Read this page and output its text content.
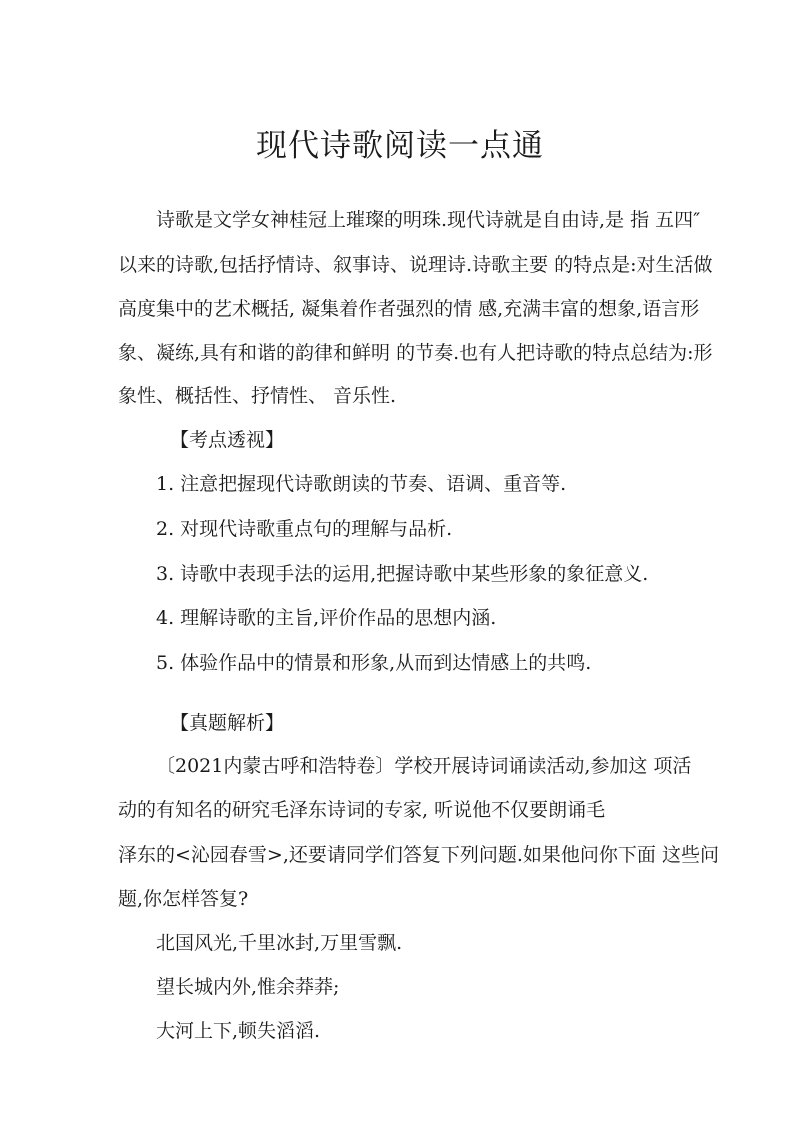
现代诗歌阅读一点通

诗歌是文学女神桂冠上璀璨的明珠.现代诗就是自由诗,是 指 五四″

以来的诗歌,包括抒情诗、叙事诗、说理诗.诗歌主要 的特点是:对生活做

高度集中的艺术概括, 凝集着作者强烈的情 感,充满丰富的想象,语言形

象、凝练,具有和谐的韵律和鲜明 的节奏.也有人把诗歌的特点总结为:形

象性、概括性、抒情性、 音乐性.

【考点透视】

1. 注意把握现代诗歌朗读的节奏、语调、重音等.

2. 对现代诗歌重点句的理解与品析.

3. 诗歌中表现手法的运用,把握诗歌中某些形象的象征意义.

4. 理解诗歌的主旨,评价作品的思想内涵.

5. 体验作品中的情景和形象,从而到达情感上的共鸣.

【真题解析】

〔2021内蒙古呼和浩特卷〕学校开展诗词诵读活动,参加这 项活

动的有知名的研究毛泽东诗词的专家, 听说他不仅要朗诵毛

泽东的<沁园春雪>,还要请同学们答复下列问题.如果他问你下面 这些问

题,你怎样答复?

北国风光,千里冰封,万里雪飘.

望长城内外,惟余莽莽;

大河上下,顿失滔滔.
